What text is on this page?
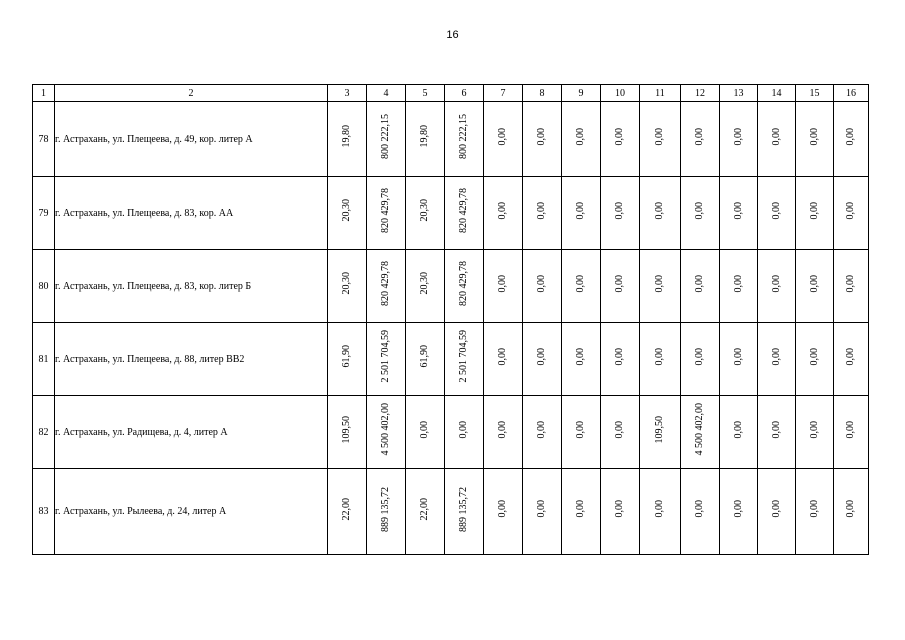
16
1	2	3	4	5	6	7	8	9	10	11	12	13	14	15	16
78	г. Астрахань, ул. Плещеева, д. 49, кор. литер А	19,80	800 222,15	19,80	800 222,15	0,00	0,00	0,00	0,00	0,00	0,00	0,00	0,00	0,00	0,00
79	г. Астрахань, ул. Плещеева, д. 83, кор. АА	20,30	820 429,78	20,30	820 429,78	0,00	0,00	0,00	0,00	0,00	0,00	0,00	0,00	0,00	0,00
80	г. Астрахань, ул. Плещеева, д. 83, кор. литер Б	20,30	820 429,78	20,30	820 429,78	0,00	0,00	0,00	0,00	0,00	0,00	0,00	0,00	0,00	0,00
81	г. Астрахань, ул. Плещеева, д. 88, литер ВВ2	61,90	2 501 704,59	61,90	2 501 704,59	0,00	0,00	0,00	0,00	0,00	0,00	0,00	0,00	0,00	0,00
82	г. Астрахань, ул. Радищева, д. 4, литер А	109,50	4 500 402,00	0,00	0,00	0,00	0,00	0,00	0,00	109,50	4 500 402,00	0,00	0,00	0,00	0,00
83	г. Астрахань, ул. Рылеева, д. 24, литер А	22,00	889 135,72	22,00	889 135,72	0,00	0,00	0,00	0,00	0,00	0,00	0,00	0,00	0,00	0,00
